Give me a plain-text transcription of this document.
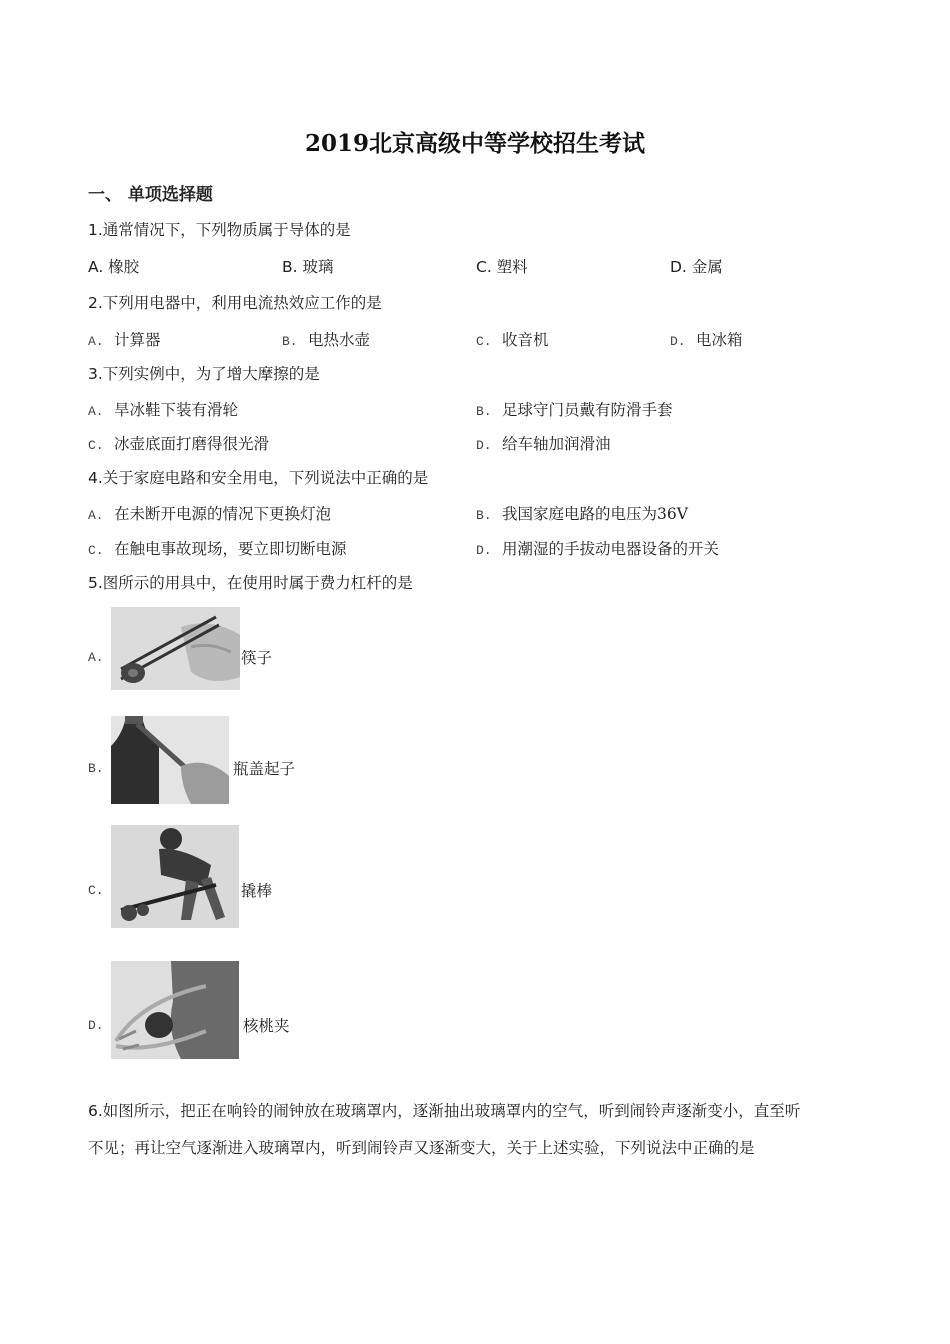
2019北京高级中等学校招生考试
一、 单项选择题
1.通常情况下，下列物质属于导体的是
A. 橡胶	B. 玻璃	C. 塑料	D. 金属
2.下列用电器中，利用电流热效应工作的是
A. 计算器	B. 电热水壶	C. 收音机	D. 电冰箱
3.下列实例中，为了增大摩擦的是
A. 旱冰鞋下装有滑轮	B. 足球守门员戴有防滑手套
C. 冰壶底面打磨得很光滑	D. 给车轴加润滑油
4.关于家庭电路和安全用电，下列说法中正确的是
A. 在未断开电源的情况下更换灯泡	B. 我国家庭电路的电压为36V
C. 在触电事故现场，要立即切断电源	D. 用潮湿的手拔动电器设备的开关
5.图所示的用具中，在使用时属于费力杠杆的是
A.	筷子
B.	瓶盖起子
C.	撬棒
D.	核桃夹
6.如图所示，把正在响铃的闹钟放在玻璃罩内，逐渐抽出玻璃罩内的空气，听到闹铃声逐渐变小，直至听
不见；再让空气逐渐进入玻璃罩内，听到闹铃声又逐渐变大，关于上述实验，下列说法中正确的是
